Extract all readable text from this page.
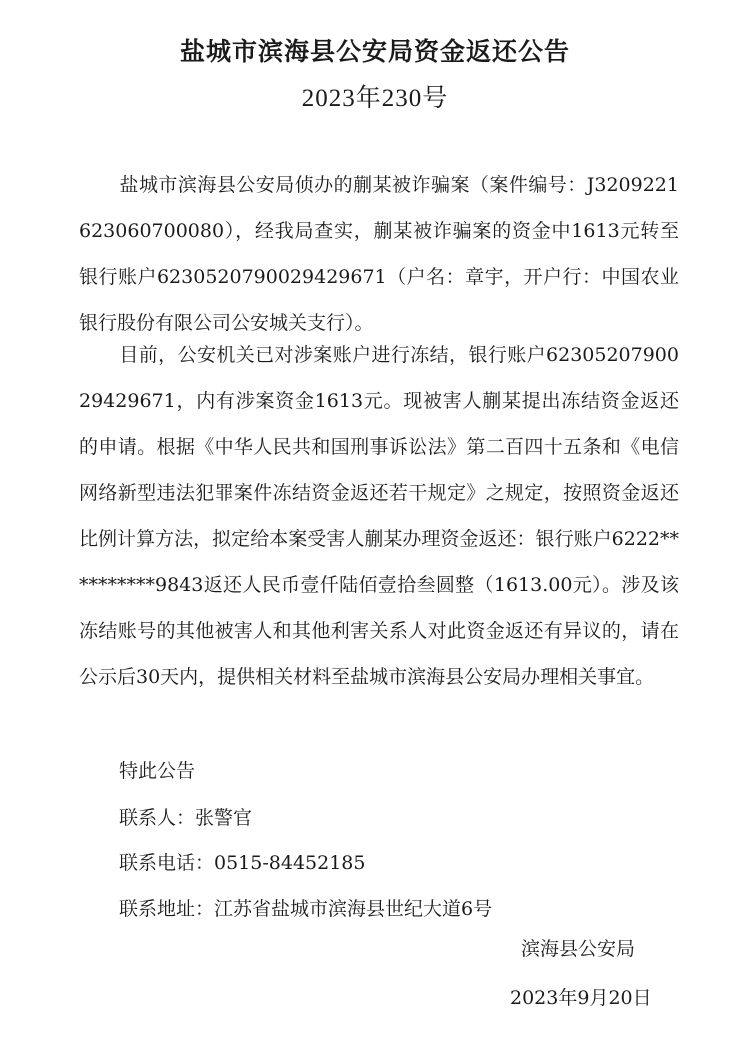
盐城市滨海县公安局资金返还公告
2023年230号
盐城市滨海县公安局侦办的蒯某被诈骗案（案件编号：J3209221623060700080），经我局查实，蒯某被诈骗案的资金中1613元转至银行账户6230520790029429671（户名：章宇，开户行：中国农业银行股份有限公司公安城关支行）。
目前，公安机关已对涉案账户进行冻结，银行账户6230520790029429671，内有涉案资金1613元。现被害人蒯某提出冻结资金返还的申请。根据《中华人民共和国刑事诉讼法》第二百四十五条和《电信网络新型违法犯罪案件冻结资金返还若干规定》之规定，按照资金返还比例计算方法，拟定给本案受害人蒯某办理资金返还：银行账户6222**********9843返还人民币壹仟陆佰壹拾叁圆整（1613.00元）。涉及该冻结账号的其他被害人和其他利害关系人对此资金返还有异议的，请在公示后30天内，提供相关材料至盐城市滨海县公安局办理相关事宜。
特此公告
联系人：张警官
联系电话：0515-84452185
联系地址：江苏省盐城市滨海县世纪大道6号
滨海县公安局
2023年9月20日
